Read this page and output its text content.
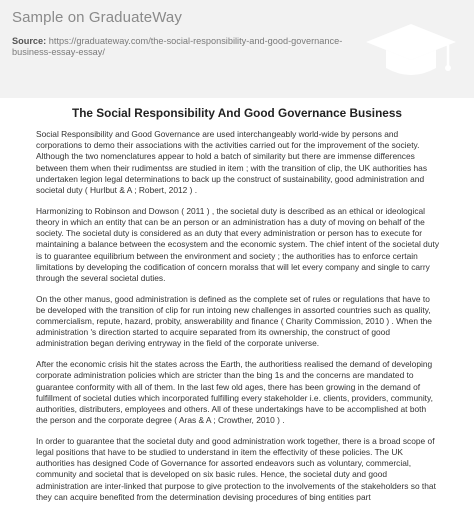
Sample on GraduateWay
Source: https://graduateway.com/the-social-responsibility-and-good-governance-business-essay-essay/
The Social Responsibility And Good Governance Business

Social Responsibility and Good Governance are used interchangeably world-wide by persons and corporations to demo their associations with the activities carried out for the improvement of the society. Although the two nomenclatures appear to hold a batch of similarity but there are immense differences between them when their rudimentss are studied in item ; with the transition of clip, the UK authorities has undertaken legion legal determinations to back up the construct of sustainability, good administration and societal duty ( Hurlbut & A ; Robert, 2012 ) .

Harmonizing to Robinson and Dowson ( 2011 ) , the societal duty is described as an ethical or ideological theory in which an entity that can be an person or an administration has a duty of moving on behalf of the society. The societal duty is considered as an duty that every administration or person has to execute for maintaining a balance between the ecosystem and the economic system. The chief intent of the societal duty is to guarantee equilibrium between the environment and society ; the authorities has to enforce certain limitations by developing the codification of concern moralss that will let every company and single to carry through the several societal duties.

On the other manus, good administration is defined as the complete set of rules or regulations that have to be developed with the transition of clip for run intoing new challenges in assorted countries such as quality, commercialism, repute, hazard, probity, answerability and finance ( Charity Commission, 2010 ) . When the administration 's direction started to acquire separated from its ownership, the construct of good administration began deriving entryway in the field of the corporate universe.

After the economic crisis hit the states across the Earth, the authoritiess realised the demand of developing corporate administration policies which are stricter than the bing 1s and the concerns are mandated to guarantee conformity with all of them. In the last few old ages, there has been growing in the demand of fulfillment of societal duties which incorporated fulfilling every stakeholder i.e. clients, providers, community, authorities, distributers, employees and others. All of these undertakings have to be accomplished at both the person and the corporate degree ( Aras & A ; Crowther, 2010 ) .

In order to guarantee that the societal duty and good administration work together, there is a broad scope of legal positions that have to be studied to understand in item the effectivity of these policies. The UK authorities has designed Code of Governance for assorted endeavors such as voluntary, commercial, community and societal that is developed on six basic rules. Hence, the societal duty and good administration are inter-linked that purpose to give protection to the involvements of the stakeholders so that they can acquire benefited from the determination devising procedures of bing entities part
